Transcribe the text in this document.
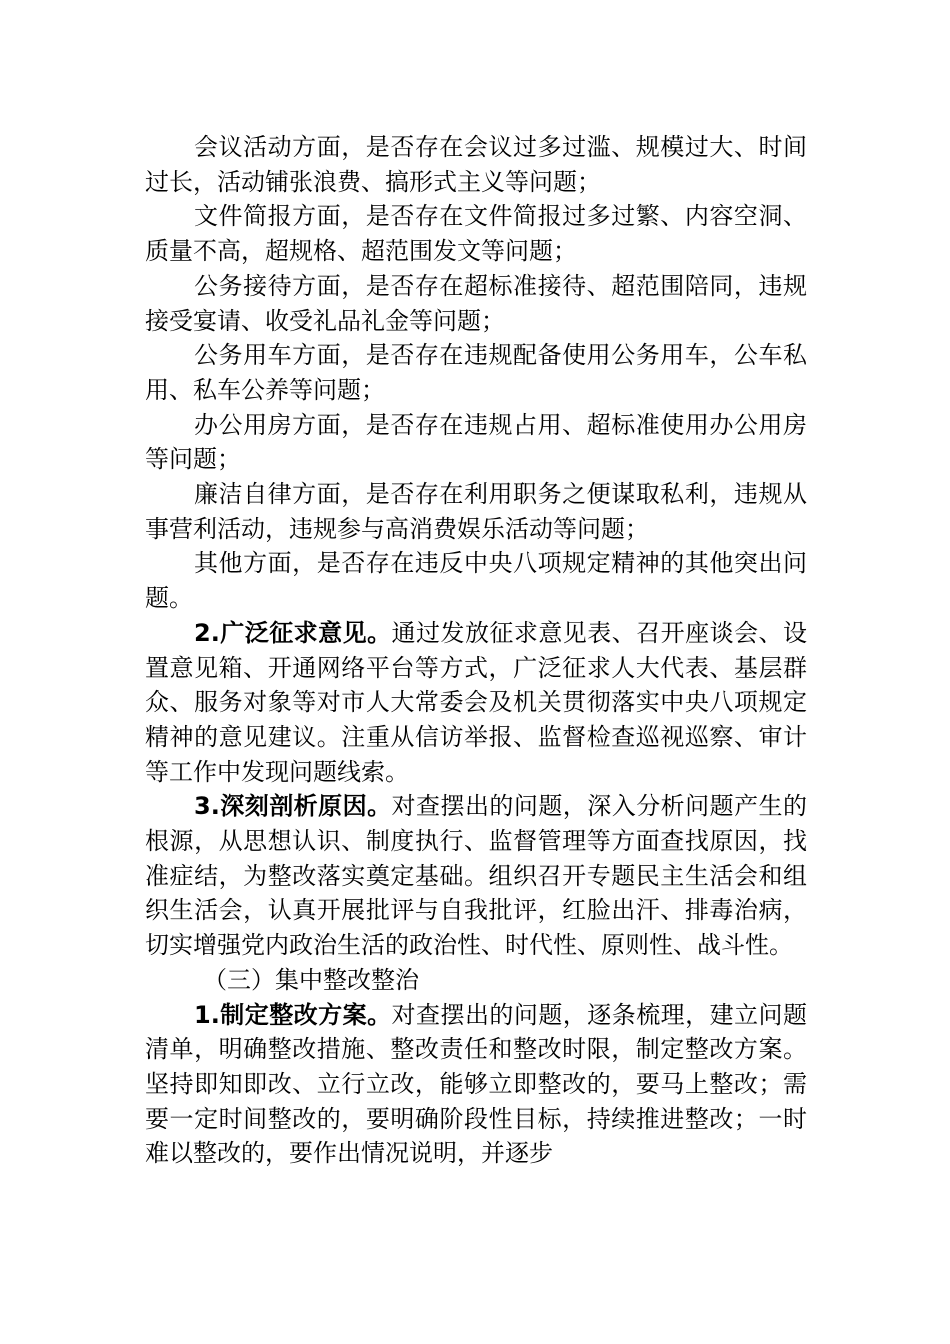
会议活动方面，是否存在会议过多过滥、规模过大、时间过长，活动铺张浪费、搞形式主义等问题；

文件简报方面，是否存在文件简报过多过繁、内容空洞、质量不高，超规格、超范围发文等问题；

公务接待方面，是否存在超标准接待、超范围陪同，违规接受宴请、收受礼品礼金等问题；

公务用车方面，是否存在违规配备使用公务用车，公车私用、私车公养等问题；

办公用房方面，是否存在违规占用、超标准使用办公用房等问题；

廉洁自律方面，是否存在利用职务之便谋取私利，违规从事营利活动，违规参与高消费娱乐活动等问题；

其他方面，是否存在违反中央八项规定精神的其他突出问题。

2.广泛征求意见。通过发放征求意见表、召开座谈会、设置意见箱、开通网络平台等方式，广泛征求人大代表、基层群众、服务对象等对市人大常委会及机关贯彻落实中央八项规定精神的意见建议。注重从信访举报、监督检查巡视巡察、审计等工作中发现问题线索。

3.深刻剖析原因。对查摆出的问题，深入分析问题产生的根源，从思想认识、制度执行、监督管理等方面查找原因，找准症结，为整改落实奠定基础。组织召开专题民主生活会和组织生活会，认真开展批评与自我批评，红脸出汗、排毒治病，切实增强党内政治生活的政治性、时代性、原则性、战斗性。

（三）集中整改整治

1.制定整改方案。对查摆出的问题，逐条梳理，建立问题清单，明确整改措施、整改责任和整改时限，制定整改方案。坚持即知即改、立行立改，能够立即整改的，要马上整改；需要一定时间整改的，要明确阶段性目标，持续推进整改；一时难以整改的，要作出情况说明，并逐步
